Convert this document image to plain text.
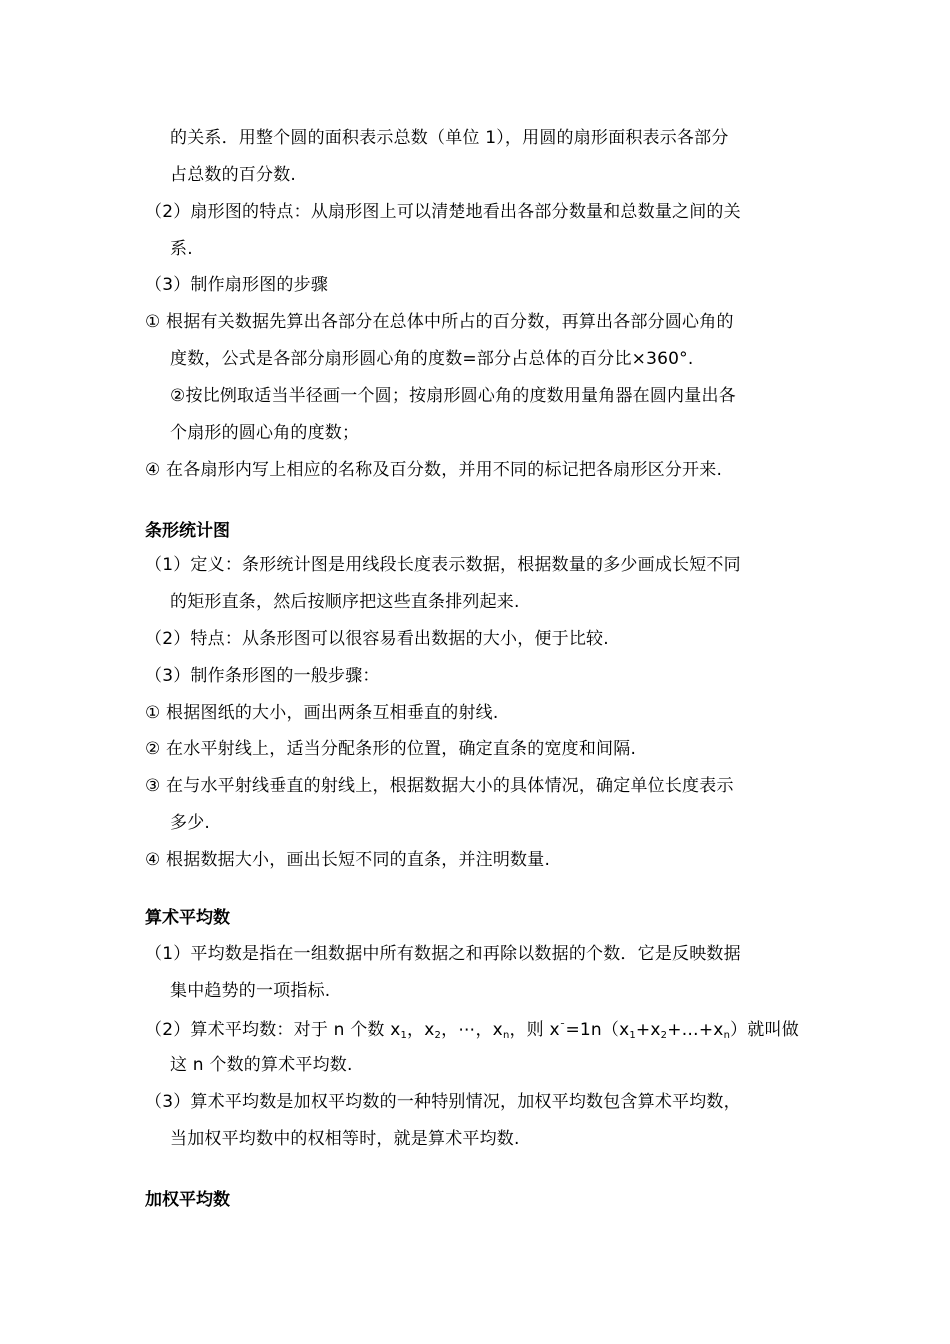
的关系．用整个圆的面积表示总数（单位 1），用圆的扇形面积表示各部分
占总数的百分数.
（2）扇形图的特点：从扇形图上可以清楚地看出各部分数量和总数量之间的关
系.
（3）制作扇形图的步骤
① 根据有关数据先算出各部分在总体中所占的百分数，再算出各部分圆心角的
度数，公式是各部分扇形圆心角的度数=部分占总体的百分比×360°.
②按比例取适当半径画一个圆；按扇形圆心角的度数用量角器在圆内量出各
个扇形的圆心角的度数；
④ 在各扇形内写上相应的名称及百分数，并用不同的标记把各扇形区分开来.
条形统计图
（1）定义：条形统计图是用线段长度表示数据，根据数量的多少画成长短不同
的矩形直条，然后按顺序把这些直条排列起来.
（2）特点：从条形图可以很容易看出数据的大小，便于比较.
（3）制作条形图的一般步骤：
① 根据图纸的大小，画出两条互相垂直的射线.
② 在水平射线上，适当分配条形的位置，确定直条的宽度和间隔.
③ 在与水平射线垂直的射线上，根据数据大小的具体情况，确定单位长度表示
多少.
④ 根据数据大小，画出长短不同的直条，并注明数量.
算术平均数
（1）平均数是指在一组数据中所有数据之和再除以数据的个数．它是反映数据
集中趋势的一项指标.
（2）算术平均数：对于 n 个数 $x_1$，$x_2$，⋯，$x_n$，则 $x^¯=1n(x_1+x_2+\dots+x_n)$就叫做
这 n 个数的算术平均数.
（3）算术平均数是加权平均数的一种特别情况，加权平均数包含算术平均数，
当加权平均数中的权相等时，就是算术平均数.
加权平均数
